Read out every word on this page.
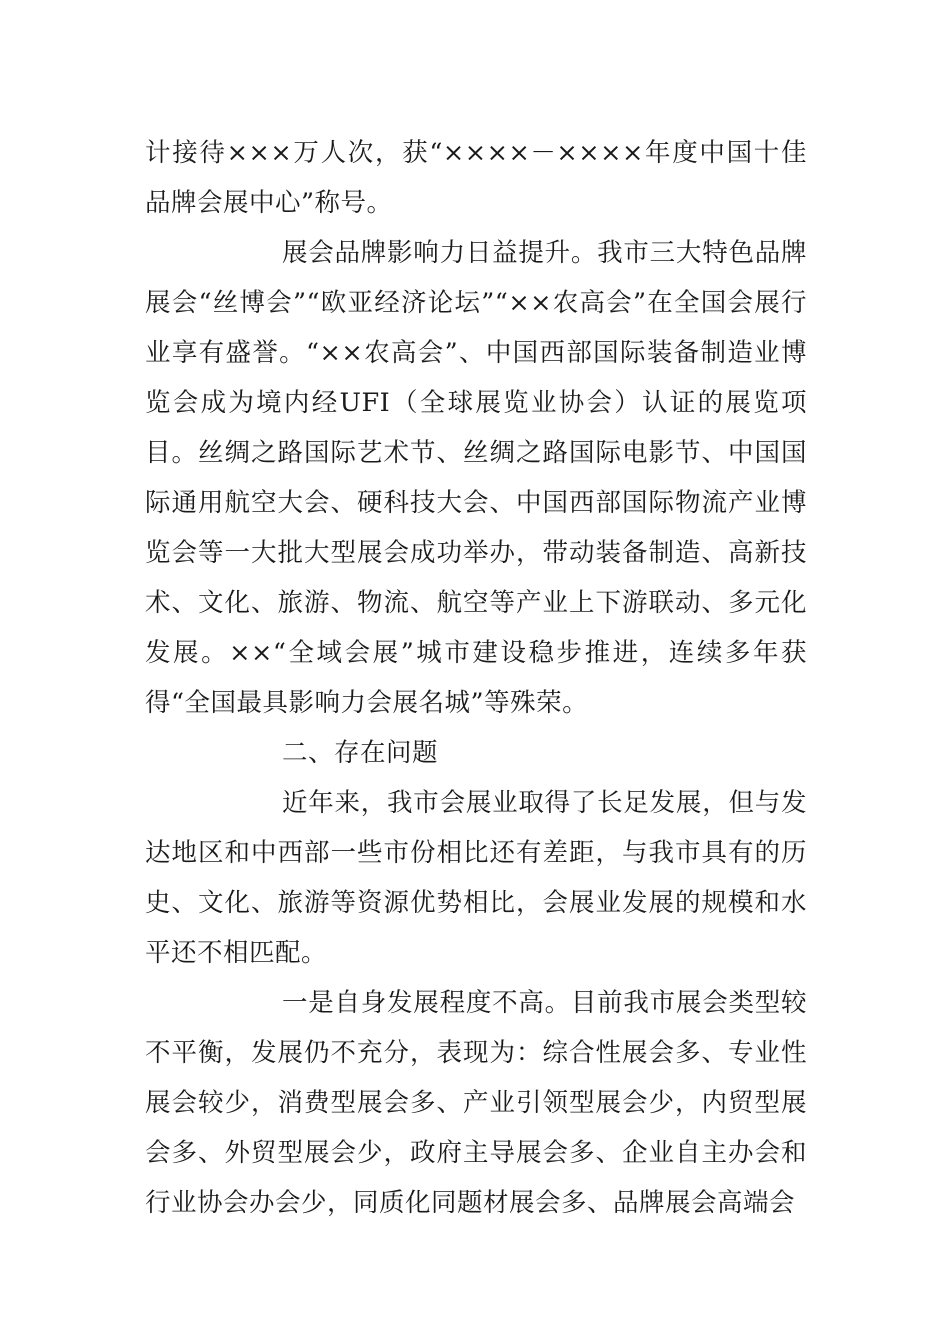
计接待×××万人次，获“××××－××××年度中国十佳品牌会展中心”称号。

展会品牌影响力日益提升。我市三大特色品牌展会“丝博会”“欧亚经济论坛”“××农高会”在全国会展行业享有盛誉。“××农高会”、中国西部国际装备制造业博览会成为境内经UFI（全球展览业协会）认证的展览项目。丝绸之路国际艺术节、丝绸之路国际电影节、中国国际通用航空大会、硬科技大会、中国西部国际物流产业博览会等一大批大型展会成功举办，带动装备制造、高新技术、文化、旅游、物流、航空等产业上下游联动、多元化发展。××“全域会展”城市建设稳步推进，连续多年获得“全国最具影响力会展名城”等殊荣。

二、存在问题

近年来，我市会展业取得了长足发展，但与发达地区和中西部一些市份相比还有差距，与我市具有的历史、文化、旅游等资源优势相比，会展业发展的规模和水平还不相匹配。

一是自身发展程度不高。目前我市展会类型较不平衡，发展仍不充分，表现为：综合性展会多、专业性展会较少，消费型展会多、产业引领型展会少，内贸型展会多、外贸型展会少，政府主导展会多、企业自主办会和行业协会办会少，同质化同题材展会多、品牌展会高端会
